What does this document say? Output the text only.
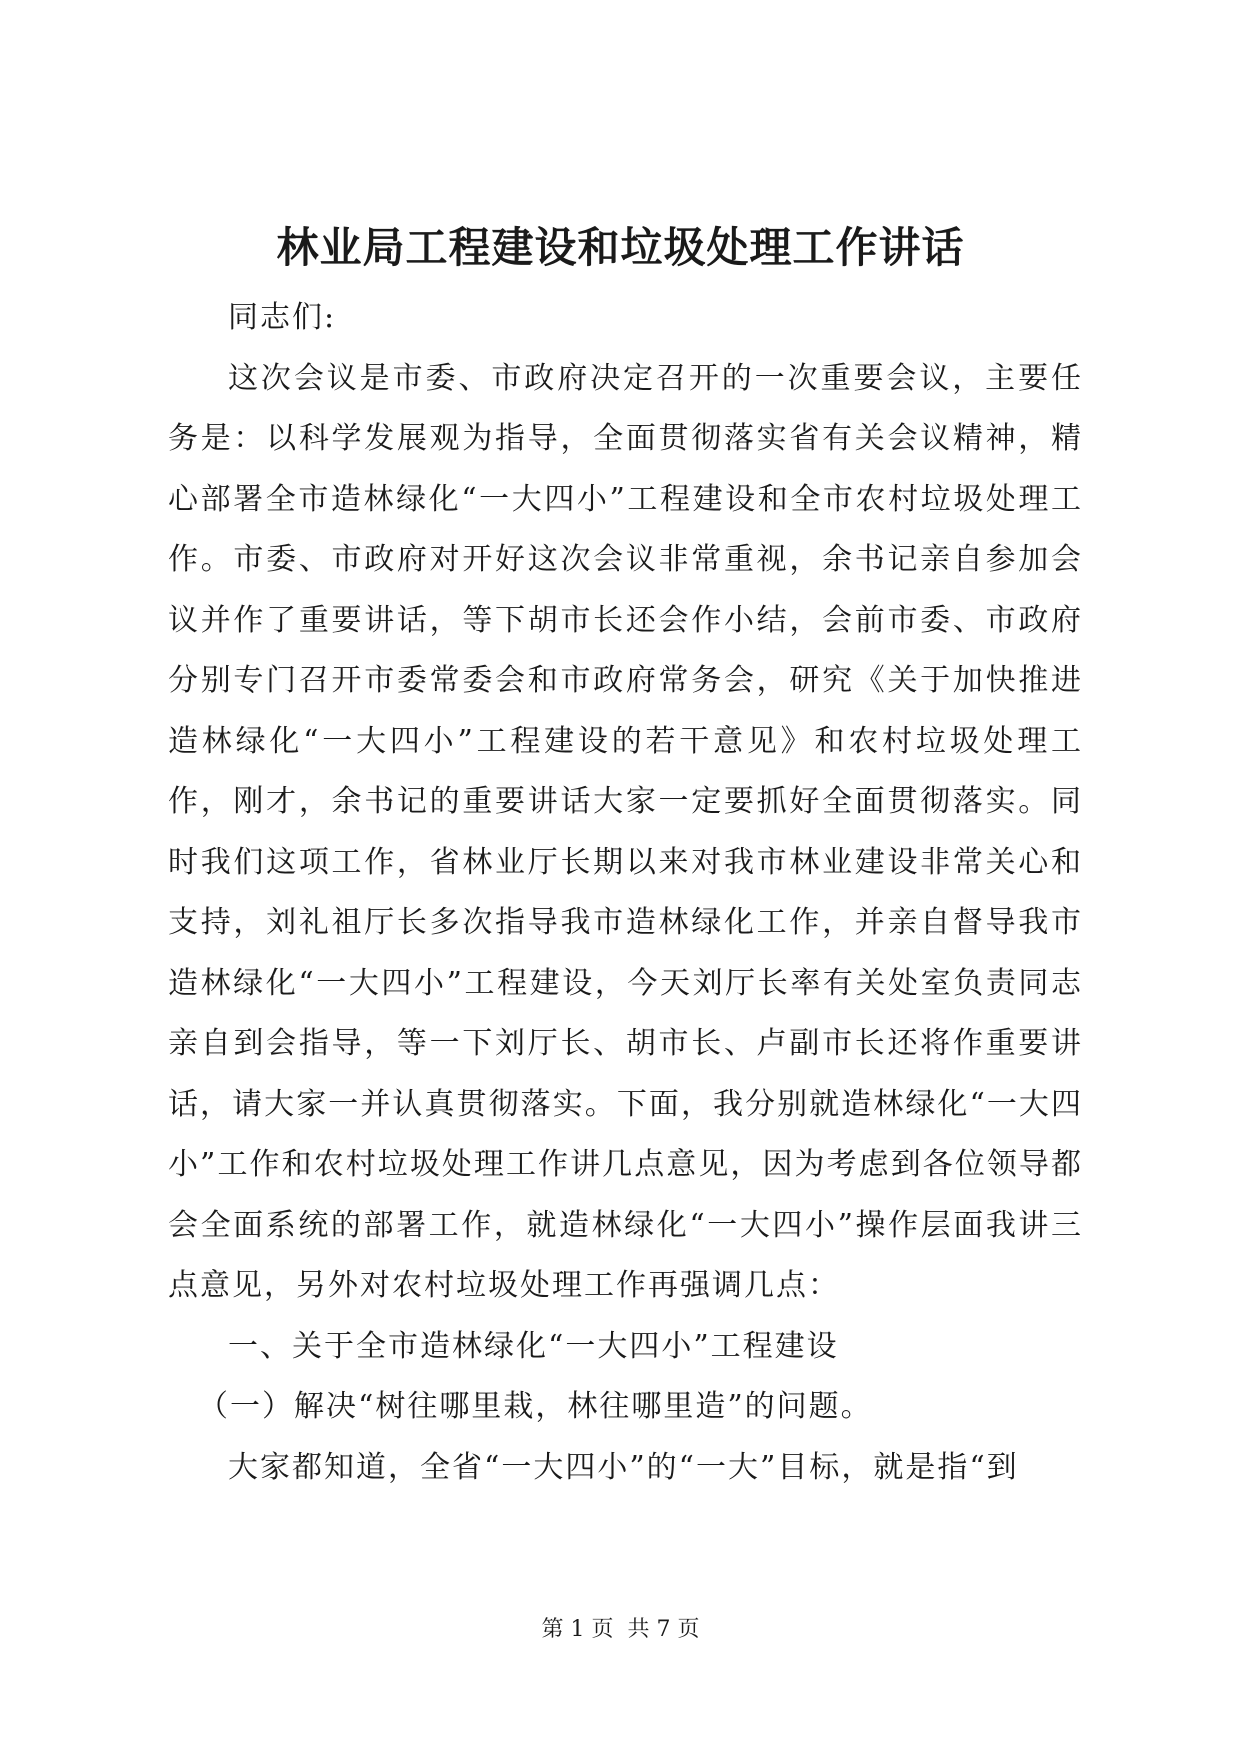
林业局工程建设和垃圾处理工作讲话

同志们:

这次会议是市委、市政府决定召开的一次重要会议，主要任务是：以科学发展观为指导，全面贯彻落实省有关会议精神，精心部署全市造林绿化“一大四小”工程建设和全市农村垃圾处理工作。市委、市政府对开好这次会议非常重视，余书记亲自参加会议并作了重要讲话，等下胡市长还会作小结，会前市委、市政府分别专门召开市委常委会和市政府常务会，研究《关于加快推进造林绿化“一大四小”工程建设的若干意见》和农村垃圾处理工作，刚才，余书记的重要讲话大家一定要抓好全面贯彻落实。同时我们这项工作，省林业厅长期以来对我市林业建设非常关心和支持，刘礼祖厅长多次指导我市造林绿化工作，并亲自督导我市造林绿化“一大四小”工程建设，今天刘厅长率有关处室负责同志亲自到会指导，等一下刘厅长、胡市长、卢副市长还将作重要讲话，请大家一并认真贯彻落实。下面，我分别就造林绿化“一大四小”工作和农村垃圾处理工作讲几点意见，因为考虑到各位领导都会全面系统的部署工作，就造林绿化“一大四小”操作层面我讲三点意见，另外对农村垃圾处理工作再强调几点：

一、关于全市造林绿化“一大四小”工程建设

（一）解决“树往哪里栽，林往哪里造”的问题。

大家都知道，全省“一大四小”的“一大”目标，就是指“到

第 1 页  共 7 页
